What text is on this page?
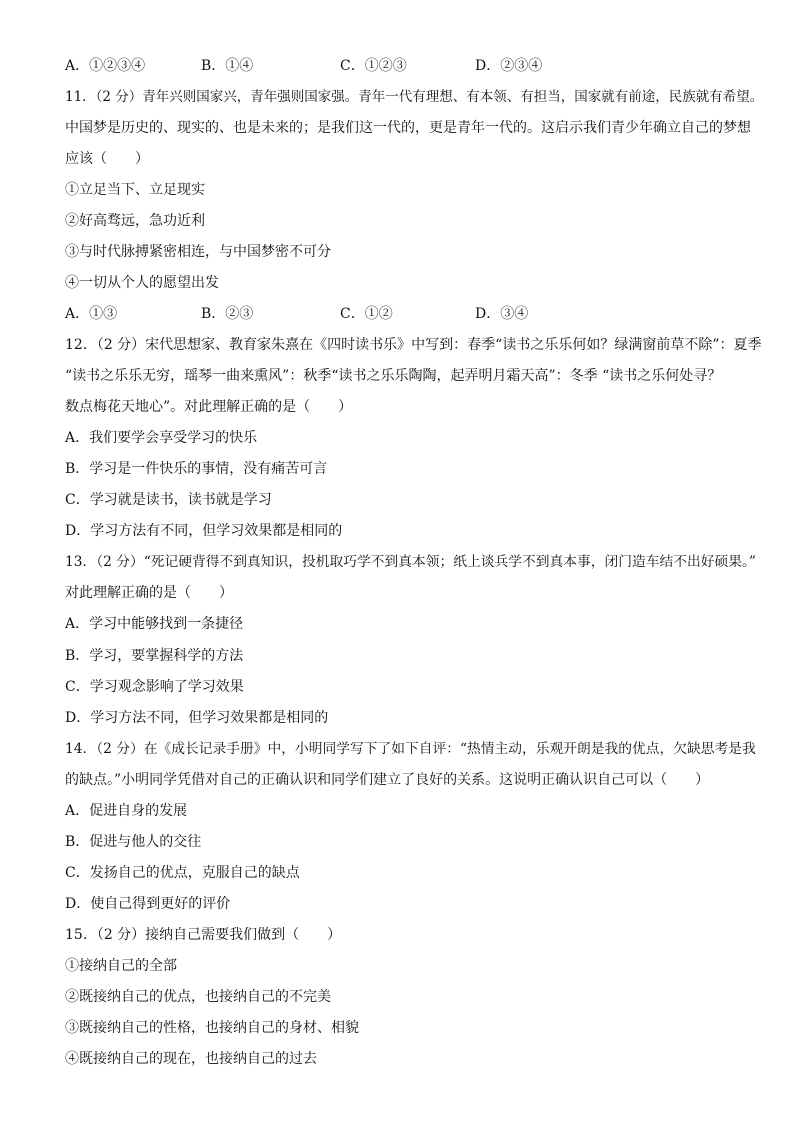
A．①②③④	B．①④	C．①②③	D．②③④
11．（2 分）青年兴则国家兴，青年强则国家强。青年一代有理想、有本领、有担当，国家就有前途，民族就有希望。
中国梦是历史的、现实的、也是未来的；是我们这一代的，更是青年一代的。这启示我们青少年确立自己的梦想
应该（　　）
①立足当下、立足现实
②好高骛远，急功近利
③与时代脉搏紧密相连，与中国梦密不可分
④一切从个人的愿望出发
A．①③	B．②③	C．①②	D．③④
12．（2 分）宋代思想家、教育家朱熹在《四时读书乐》中写到：春季“读书之乐乐何如？绿满窗前草不除”：夏季
“读书之乐乐无穷，瑶琴一曲来熏风”：秋季“读书之乐乐陶陶，起弄明月霜天高”：冬季 “读书之乐何处寻？
数点梅花天地心”。对此理解正确的是（　　）
A．我们要学会享受学习的快乐
B．学习是一件快乐的事情，没有痛苦可言
C．学习就是读书，读书就是学习
D．学习方法有不同，但学习效果都是相同的
13．（2 分）“死记硬背得不到真知识，投机取巧学不到真本领；纸上谈兵学不到真本事，闭门造车结不出好硕果。”
对此理解正确的是（　　）
A．学习中能够找到一条捷径
B．学习，要掌握科学的方法
C．学习观念影响了学习效果
D．学习方法不同，但学习效果都是相同的
14．（2 分）在《成长记录手册》中，小明同学写下了如下自评：“热情主动，乐观开朗是我的优点，欠缺思考是我
的缺点。”小明同学凭借对自己的正确认识和同学们建立了良好的关系。这说明正确认识自己可以（　　）
A．促进自身的发展
B．促进与他人的交往
C．发扬自己的优点，克服自己的缺点
D．使自己得到更好的评价
15．（2 分）接纳自己需要我们做到（　　）
①接纳自己的全部
②既接纳自己的优点，也接纳自己的不完美
③既接纳自己的性格，也接纳自己的身材、相貌
④既接纳自己的现在，也接纳自己的过去
